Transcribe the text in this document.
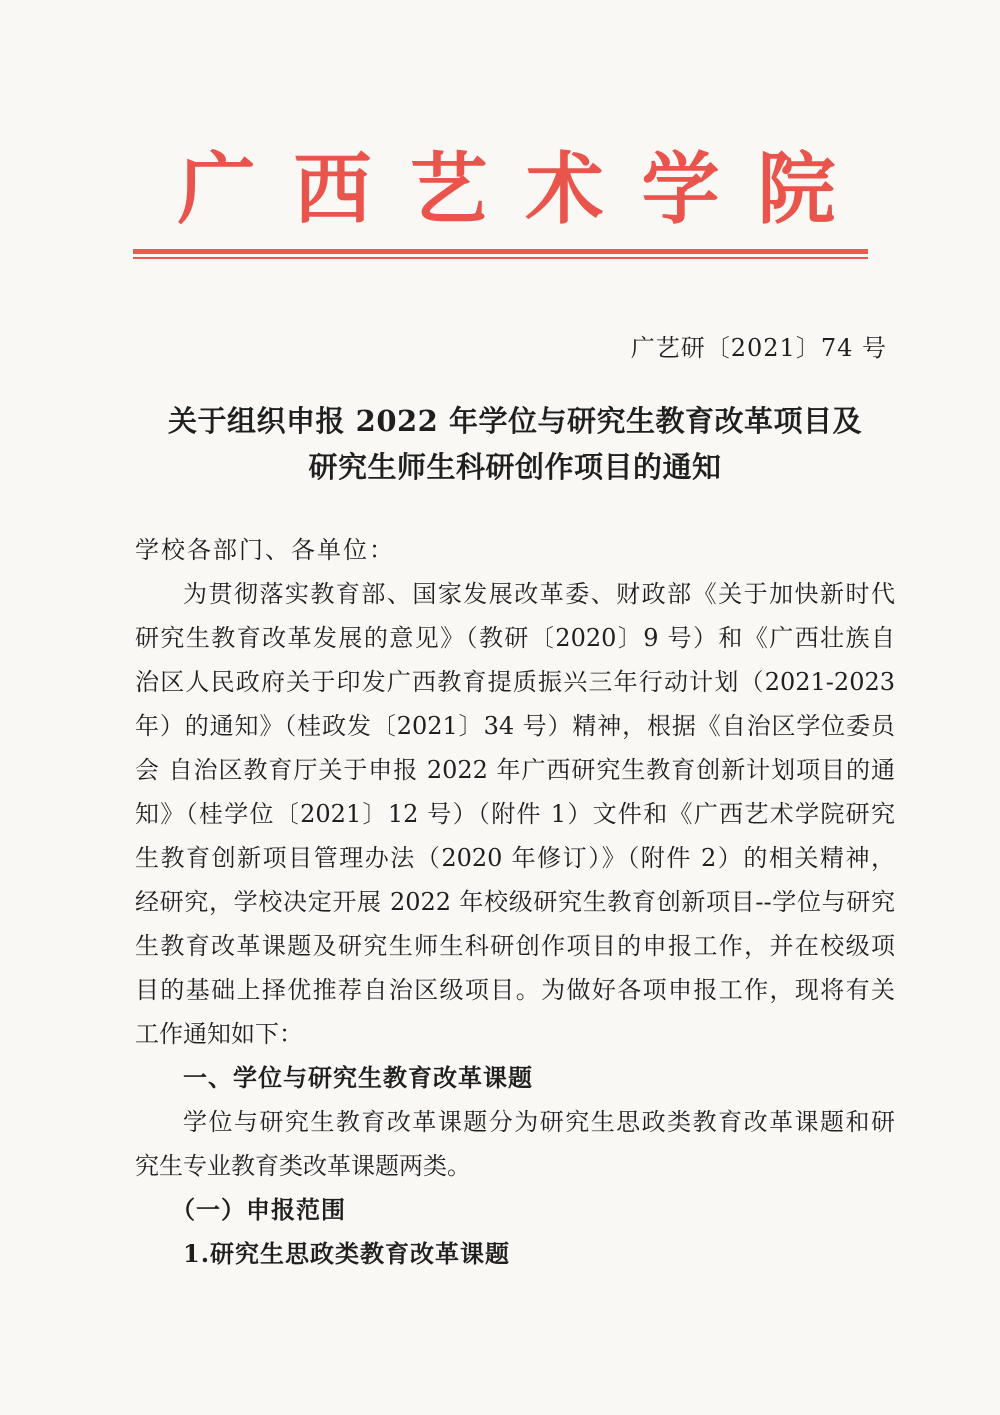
广西艺术学院
广艺研〔2021〕74 号
关于组织申报 2022 年学位与研究生教育改革项目及
研究生师生科研创作项目的通知
学校各部门、各单位：
为贯彻落实教育部、国家发展改革委、财政部《关于加快新时代
研究生教育改革发展的意见》（教研〔2020〕9 号）和《广西壮族自
治区人民政府关于印发广西教育提质振兴三年行动计划（2021-2023
年）的通知》（桂政发〔2021〕34 号）精神，根据《自治区学位委员
会 自治区教育厅关于申报 2022 年广西研究生教育创新计划项目的通
知》（桂学位〔2021〕12 号）（附件 1）文件和《广西艺术学院研究
生教育创新项目管理办法（2020 年修订）》（附件 2）的相关精神，
经研究，学校决定开展 2022 年校级研究生教育创新项目--学位与研究
生教育改革课题及研究生师生科研创作项目的申报工作，并在校级项
目的基础上择优推荐自治区级项目。为做好各项申报工作，现将有关
工作通知如下：
一、学位与研究生教育改革课题
学位与研究生教育改革课题分为研究生思政类教育改革课题和研
究生专业教育类改革课题两类。
（一）申报范围
1.研究生思政类教育改革课题
